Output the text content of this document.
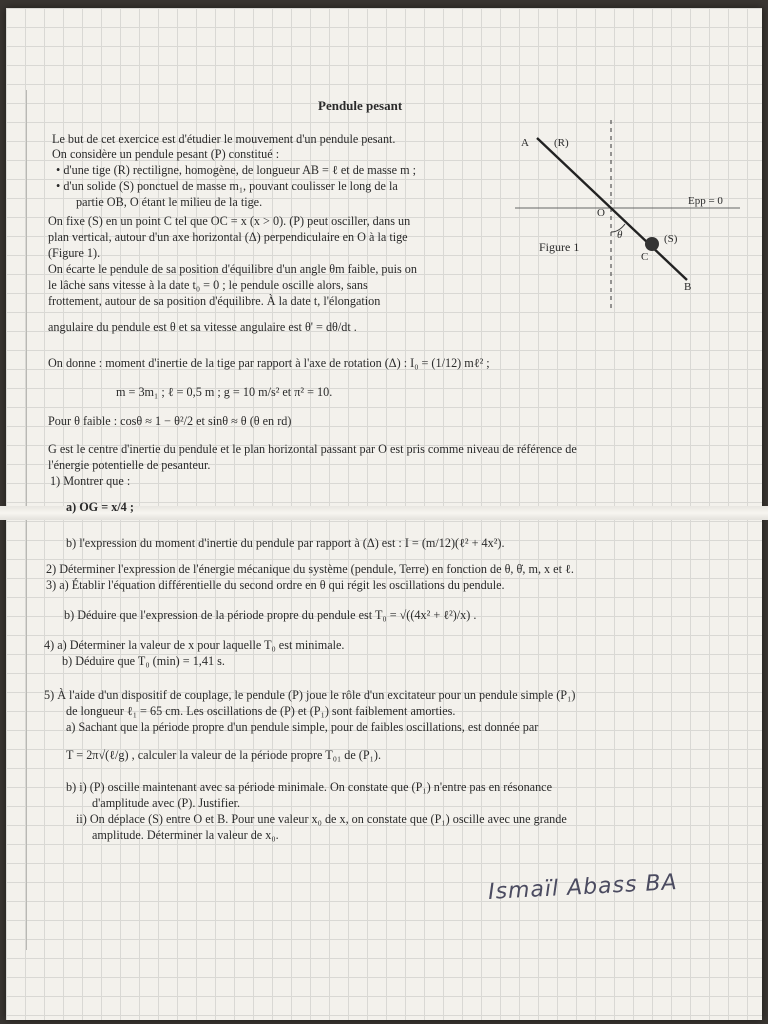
Pendule pesant
Le but de cet exercice est d'étudier le mouvement d'un pendule pesant.
On considère un pendule pesant (P) constitué :
• d'une tige (R) rectiligne, homogène, de longueur AB = ℓ et de masse m ;
• d'un solide (S) ponctuel de masse m₁, pouvant coulisser le long de la
partie OB, O étant le milieu de la tige.
On fixe (S) en un point C tel que OC = x (x > 0). (P) peut osciller, dans un
plan vertical, autour d'un axe horizontal (Δ) perpendiculaire en O à la tige
(Figure 1).
On écarte le pendule de sa position d'équilibre d'un angle θm faible, puis on
le lâche sans vitesse à la date t₀ = 0 ; le pendule oscille alors, sans
frottement, autour de sa position d'équilibre. À la date t, l'élongation
angulaire du pendule est θ et sa vitesse angulaire est θ' = dθ/dt .
A (R)
O
θ	(S)
C
B
Epp = 0
Figure 1
On donne : moment d'inertie de la tige par rapport à l'axe de rotation (Δ) : I₀ = (1/12) mℓ² ;
m = 3m₁ ; ℓ = 0,5 m ; g = 10 m/s² et π² = 10.
Pour θ faible : cosθ ≈ 1 − θ²/2 et sinθ ≈ θ (θ en rd)
G est le centre d'inertie du pendule et le plan horizontal passant par O est pris comme niveau de référence de
l'énergie potentielle de pesanteur.
1) Montrer que :
a) OG = x/4 ;
b) l'expression du moment d'inertie du pendule par rapport à (Δ) est : I = (m/12)(ℓ² + 4x²).
2) Déterminer l'expression de l'énergie mécanique du système (pendule, Terre) en fonction de θ, θ̇, m, x et ℓ.
3) a) Établir l'équation différentielle du second ordre en θ qui régit les oscillations du pendule.
b) Déduire que l'expression de la période propre du pendule est T₀ = √((4x² + ℓ²)/x) .
4) a) Déterminer la valeur de x pour laquelle T₀ est minimale.
b) Déduire que T₀ (min) = 1,41 s.
5) À l'aide d'un dispositif de couplage, le pendule (P) joue le rôle d'un excitateur pour un pendule simple (P₁)
de longueur ℓ₁ = 65 cm. Les oscillations de (P) et (P₁) sont faiblement amorties.
a) Sachant que la période propre d'un pendule simple, pour de faibles oscillations, est donnée par
T = 2π√(ℓ/g) , calculer la valeur de la période propre T₀₁ de (P₁).
b) i) (P) oscille maintenant avec sa période minimale. On constate que (P₁) n'entre pas en résonance
d'amplitude avec (P). Justifier.
ii) On déplace (S) entre O et B. Pour une valeur x₀ de x, on constate que (P₁) oscille avec une grande
amplitude. Déterminer la valeur de x₀.
Ismaïl Abass BA
